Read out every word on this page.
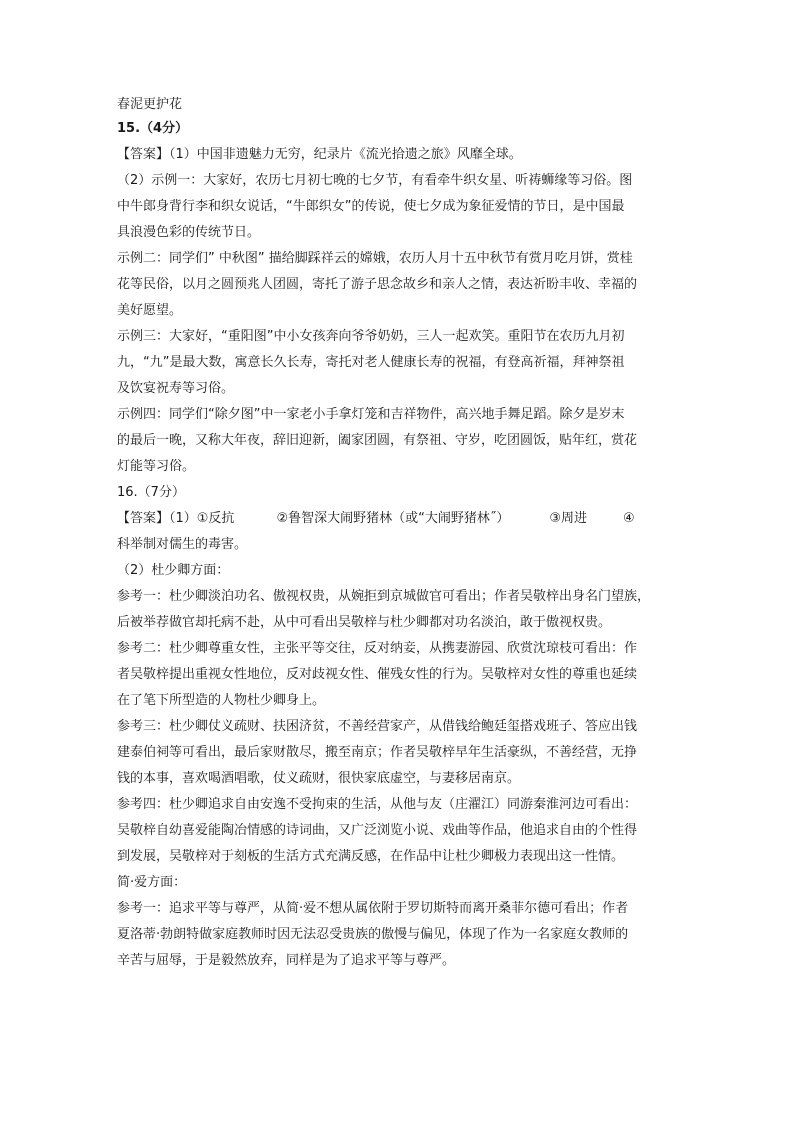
春泥更护花
15.（4分）
【答案】（1）中国非遗魅力无穷，纪录片《流光拾遗之旅》风靡全球。
（2）示例一：大家好，农历七月初七晚的七夕节，有看牵牛织女星、听祷蛳缘等习俗。图
中牛郎身背行李和织女说话，“牛郎织女”的传说，使七夕成为象征爱情的节日，是中国最
具浪漫色彩的传统节日。
示例二：同学们” 中秋图” 描给脚踩祥云的嫦娥，农历人月十五中秋节有赏月吃月饼，赏桂
花等民俗，以月之圆预兆人团圆，寄托了游子思念故乡和亲人之情，表达祈盼丰收、幸福的
美好愿望。
示例三：大家好，“重阳图”中小女孩奔向爷爷奶奶，三人一起欢笑。重阳节在农历九月初
九，“九”是最大数，寓意长久长寿，寄托对老人健康长寿的祝福，有登高祈福，拜神祭祖
及饮宴祝寿等习俗。
示例四：同学们“除夕图”中一家老小手拿灯笼和吉祥物件，高兴地手舞足蹈。除夕是岁末
的最后一晚，又称大年夜，辞旧迎新，阖家团圆，有祭祖、守岁，吃团圆饭，贴年红，赏花
灯能等习俗。
16.（7分）
【答案】（1）①反抗	②鲁智深大闹野猪林（或“大闹野猪林˝）	③周进	④
科举制对儒生的毒害。
（2）杜少卿方面：
参考一：杜少卿淡泊功名、傲视权贵，从婉拒到京城做官可看出；作者吴敬梓出身名门望族，
后被举荐做官却托病不赴，从中可看出吴敬梓与杜少卿都对功名淡泊，敢于傲视权贵。
参考二：杜少卿尊重女性，主张平等交往，反对纳妾，从携妻游园、欣赏沈琼枝可看出：作
者吴敬梓提出重视女性地位，反对歧视女性、催残女性的行为。吴敬梓对女性的尊重也延续
在了笔下所型造的人物杜少卿身上。
参考三：杜少卿仗义疏财、扶困济贫，不善经营家产，从借钱给鲍廷玺搭戏班子、答应出钱
建泰伯祠等可看出，最后家财散尽，搬至南京；作者吴敬梓早年生活豪纵，不善经营，无挣
钱的本事，喜欢喝酒唱歌，仗义疏财，很快家底虚空，与妻移居南京。
参考四：杜少卿追求自由安逸不受拘束的生活，从他与友（庄濯江）同游秦淮河边可看出：
吴敬梓自幼喜爱能陶冶情感的诗词曲，又广泛浏览小说、戏曲等作品，他追求自由的个性得
到发展，吴敬梓对于刻板的生活方式充满反感，在作品中让杜少卿极力表现出这一性情。
简·爱方面：
参考一：追求平等与尊严，从简·爱不想从属依附于罗切斯特而离开桑菲尔德可看出；作者
夏洛蒂·勃朗特做家庭教师时因无法忍受贵族的傲慢与偏见，体现了作为一名家庭女教师的
辛苦与屈辱，于是毅然放弃，同样是为了追求平等与尊严。
